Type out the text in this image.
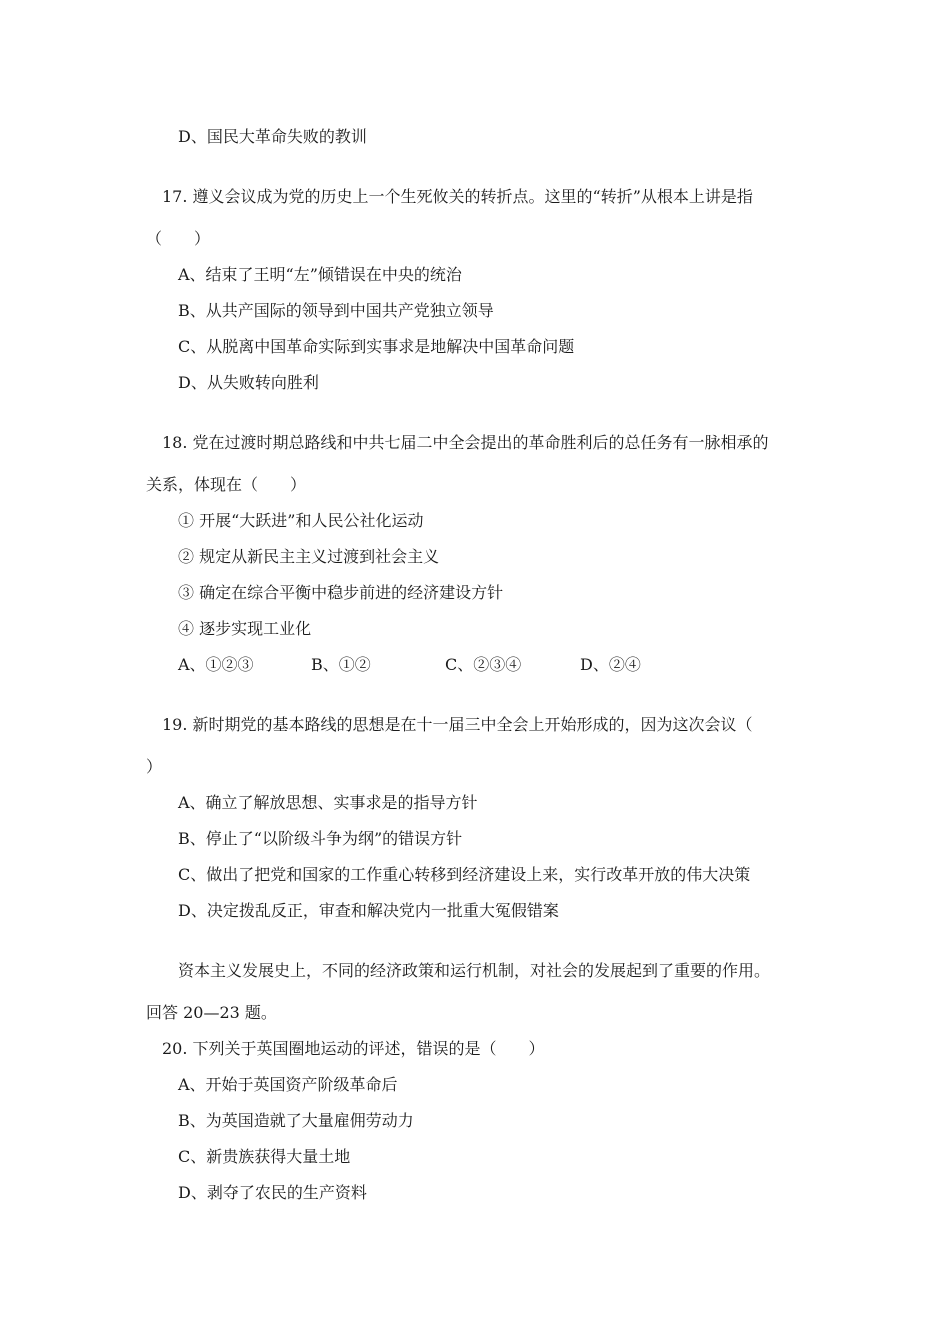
D、国民大革命失败的教训
17. 遵义会议成为党的历史上一个生死攸关的转折点。这里的“转折”从根本上讲是指
（　　）
A、结束了王明“左”倾错误在中央的统治
B、从共产国际的领导到中国共产党独立领导
C、从脱离中国革命实际到实事求是地解决中国革命问题
D、从失败转向胜利
18. 党在过渡时期总路线和中共七届二中全会提出的革命胜利后的总任务有一脉相承的
关系，体现在（　　）
① 开展“大跃进”和人民公社化运动
② 规定从新民主主义过渡到社会主义
③ 确定在综合平衡中稳步前进的经济建设方针
④ 逐步实现工业化
A、①②③	B、①②	C、②③④	D、②④
19. 新时期党的基本路线的思想是在十一届三中全会上开始形成的，因为这次会议（
）
A、确立了解放思想、实事求是的指导方针
B、停止了“以阶级斗争为纲”的错误方针
C、做出了把党和国家的工作重心转移到经济建设上来，实行改革开放的伟大决策
D、决定拨乱反正，审查和解决党内一批重大冤假错案
资本主义发展史上，不同的经济政策和运行机制，对社会的发展起到了重要的作用。
回答 20—23 题。
20. 下列关于英国圈地运动的评述，错误的是（　　）
A、开始于英国资产阶级革命后
B、为英国造就了大量雇佣劳动力
C、新贵族获得大量土地
D、剥夺了农民的生产资料
